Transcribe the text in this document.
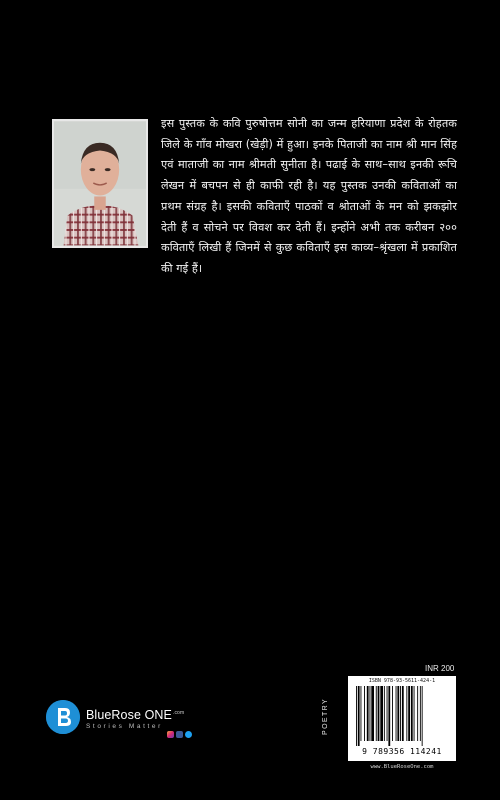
इस पुस्तक के कवि पुरुषोत्तम सोनी का जन्म हरियाणा प्रदेश के रोहतक जिले के गाँव मोखरा (खेड़ी) में हुआ। इनके पिताजी का नाम श्री मान सिंह एवं माताजी का नाम श्रीमती सुनीता है। पढाई के साथ–साथ इनकी रूचि लेखन में बचपन से ही काफी रही है। यह पुस्तक उनकी कविताओं का प्रथम संग्रह है। इसकी कविताएँ पाठकों व श्रोताओं के मन को झकझोर देती हैं व सोचने पर विवश कर देती हैं। इन्होंने अभी तक करीबन २०० कविताएँ लिखी हैं जिनमें से कुछ कविताएँ इस काव्य–श्रृंखला में प्रकाशित की गई हैं।

BlueRose $ONE^{.com}$
Stories Matter
INR 200
POETRY
ISBN 978-93-5611-424-1
9 789356 114241
www.BlueRoseOne.com
